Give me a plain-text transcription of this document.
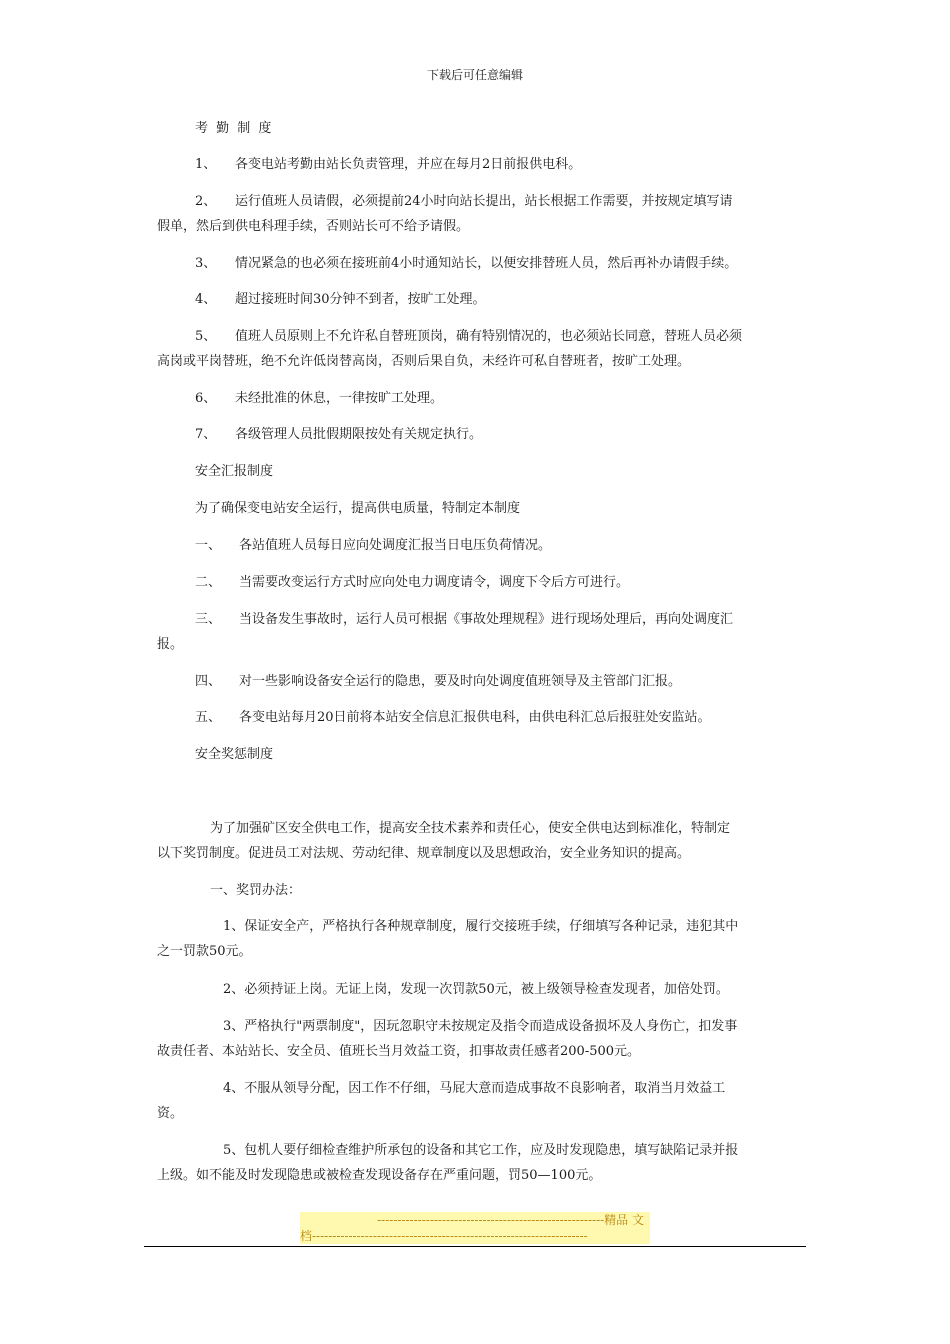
下载后可任意编辑
考 勤 制 度
1、 各变电站考勤由站长负责管理，并应在每月2日前报供电科。
2、 运行值班人员请假，必须提前24小时向站长提出，站长根据工作需要，并按规定填写请
假单，然后到供电科理手续，否则站长可不给予请假。
3、 情况紧急的也必须在接班前4小时通知站长，以便安排替班人员，然后再补办请假手续。
4、 超过接班时间30分钟不到者，按旷工处理。
5、 值班人员原则上不允许私自替班顶岗，确有特别情况的，也必须站长同意，替班人员必须
高岗或平岗替班，绝不允许低岗替高岗，否则后果自负，未经许可私自替班者，按旷工处理。
6、 未经批准的休息，一律按旷工处理。
7、 各级管理人员批假期限按处有关规定执行。
安全汇报制度
为了确保变电站安全运行，提高供电质量，特制定本制度
一、 各站值班人员每日应向处调度汇报当日电压负荷情况。
二、 当需要改变运行方式时应向处电力调度请令，调度下令后方可进行。
三、 当设备发生事故时，运行人员可根据《事故处理规程》进行现场处理后，再向处调度汇
报。
四、 对一些影响设备安全运行的隐患，要及时向处调度值班领导及主管部门汇报。
五、 各变电站每月20日前将本站安全信息汇报供电科，由供电科汇总后报驻处安监站。
安全奖惩制度
为了加强矿区安全供电工作，提高安全技术素养和责任心，使安全供电达到标准化，特制定
以下奖罚制度。促进员工对法规、劳动纪律、规章制度以及思想政治，安全业务知识的提高。
一、奖罚办法：
1、保证安全产，严格执行各种规章制度，履行交接班手续，仔细填写各种记录，违犯其中
之一罚款50元。
2、必须持证上岗。无证上岗，发现一次罚款50元，被上级领导检查发现者，加倍处罚。
3、严格执行"两票制度"，因玩忽职守未按规定及指令而造成设备损坏及人身伤亡，扣发事
故责任者、本站站长、安全员、值班长当月效益工资，扣事故责任感者200-500元。
4、不服从领导分配，因工作不仔细，马屁大意而造成事故不良影响者，取消当月效益工
资。
5、包机人要仔细检查维护所承包的设备和其它工作，应及时发现隐患，填写缺陷记录并报
上级。如不能及时发现隐患或被检查发现设备存在严重问题，罚50—100元。
--------------------------------------------------------精品 文
档--------------------------------------------------------------------
